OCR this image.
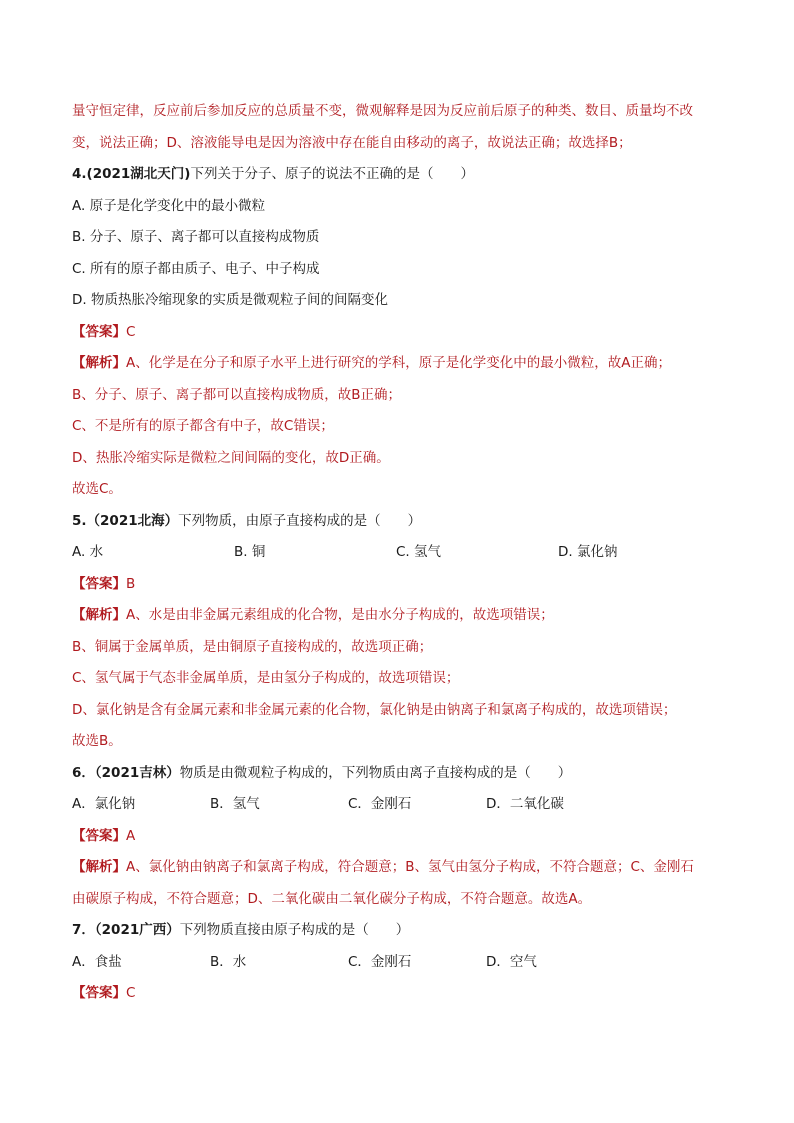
量守恒定律，反应前后参加反应的总质量不变，微观解释是因为反应前后原子的种类、数目、质量均不改
变，说法正确；D、溶液能导电是因为溶液中存在能自由移动的离子，故说法正确；故选择B；
4.(2021湖北天门)下列关于分子、原子的说法不正确的是（　　）
A. 原子是化学变化中的最小微粒
B. 分子、原子、离子都可以直接构成物质
C. 所有的原子都由质子、电子、中子构成
D. 物质热胀冷缩现象的实质是微观粒子间的间隔变化
【答案】C
【解析】A、化学是在分子和原子水平上进行研究的学科，原子是化学变化中的最小微粒，故A正确；
B、分子、原子、离子都可以直接构成物质，故B正确；
C、不是所有的原子都含有中子，故C错误；
D、热胀冷缩实际是微粒之间间隔的变化，故D正确。
故选C。
5.（2021北海）下列物质，由原子直接构成的是（　　）
A. 水	B. 铜	C. 氢气	D. 氯化钠
【答案】B
【解析】A、水是由非金属元素组成的化合物，是由水分子构成的，故选项错误；
B、铜属于金属单质，是由铜原子直接构成的，故选项正确；
C、氢气属于气态非金属单质，是由氢分子构成的，故选项错误；
D、氯化钠是含有金属元素和非金属元素的化合物，氯化钠是由钠离子和氯离子构成的，故选项错误；
故选B。
6．（2021吉林）物质是由微观粒子构成的，下列物质由离子直接构成的是（　　）
A．氯化钠	B．氢气	C．金刚石	D．二氧化碳
【答案】A
【解析】A、氯化钠由钠离子和氯离子构成，符合题意；B、氢气由氢分子构成，不符合题意；C、金刚石
由碳原子构成，不符合题意；D、二氧化碳由二氧化碳分子构成，不符合题意。故选A。
7．（2021广西）下列物质直接由原子构成的是（　　）
A．食盐	B．水	C．金刚石	D．空气
【答案】C
